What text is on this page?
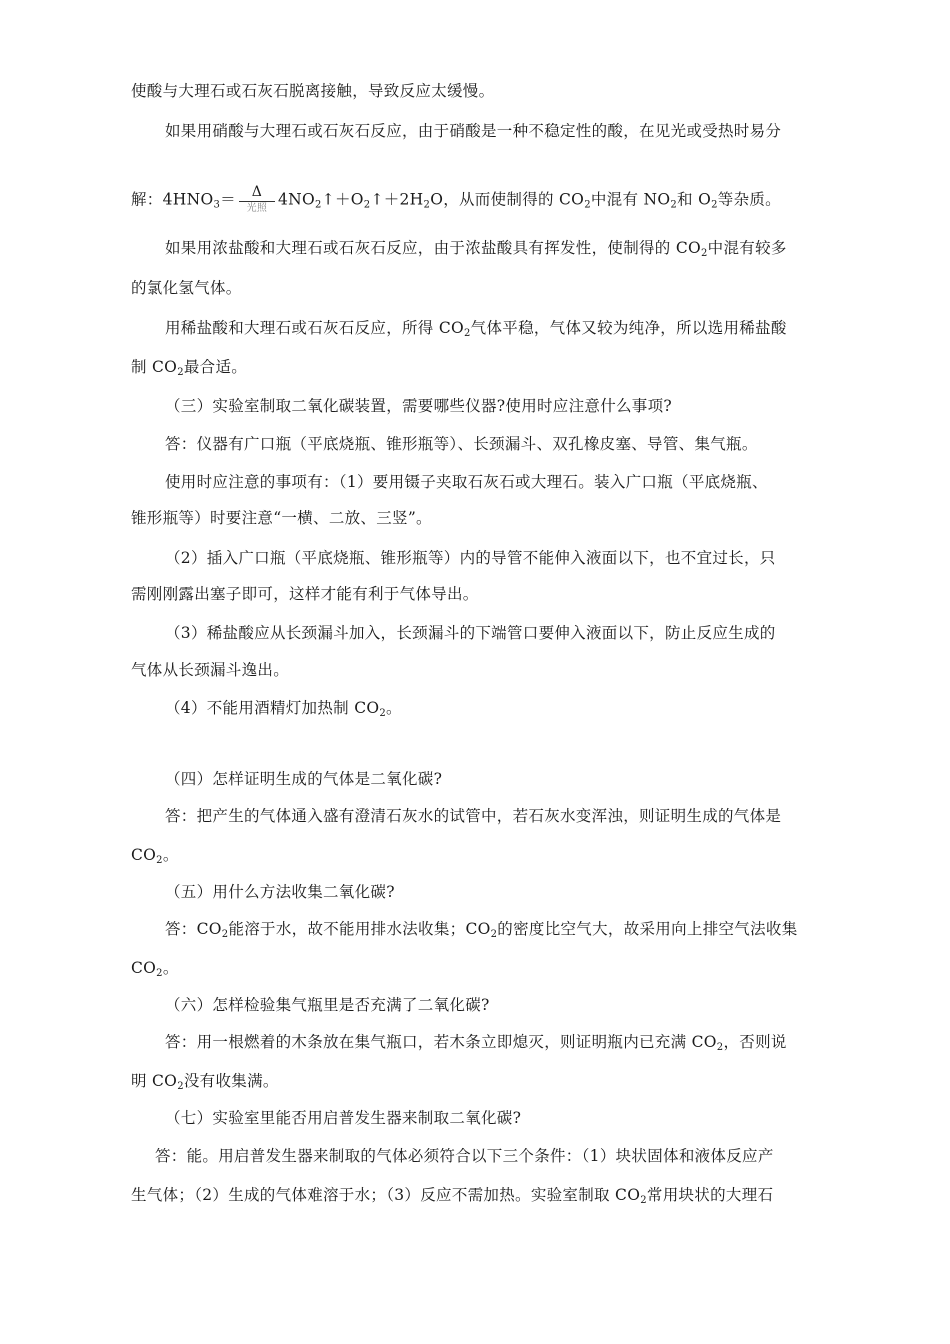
使酸与大理石或石灰石脱离接触，导致反应太缓慢。
如果用硝酸与大理石或石灰石反应，由于硝酸是一种不稳定性的酸，在见光或受热时易分
解：$4HNO_3= \frac{\Delta}{\text{光照}}$ $4NO_2↑+O_2↑+2H_2O$，从而使制得的 $CO_2$中混有 $NO_2$和 $O_2$等杂质。
如果用浓盐酸和大理石或石灰石反应，由于浓盐酸具有挥发性，使制得的 $CO_2$中混有较多
的氯化氢气体。
用稀盐酸和大理石或石灰石反应，所得 $CO_2$气体平稳，气体又较为纯净，所以选用稀盐酸
制 $CO_2$最合适。
（三）实验室制取二氧化碳装置，需要哪些仪器?使用时应注意什么事项?
答：仪器有广口瓶（平底烧瓶、锥形瓶等）、长颈漏斗、双孔橡皮塞、导管、集气瓶。
使用时应注意的事项有：（1）要用镊子夹取石灰石或大理石。装入广口瓶（平底烧瓶、
锥形瓶等）时要注意“一横、二放、三竖”。
（2）插入广口瓶（平底烧瓶、锥形瓶等）内的导管不能伸入液面以下，也不宜过长，只
需刚刚露出塞子即可，这样才能有利于气体导出。
（3）稀盐酸应从长颈漏斗加入，长颈漏斗的下端管口要伸入液面以下，防止反应生成的
气体从长颈漏斗逸出。
（4）不能用酒精灯加热制 $CO_2$。
（四）怎样证明生成的气体是二氧化碳?
答：把产生的气体通入盛有澄清石灰水的试管中，若石灰水变浑浊，则证明生成的气体是
$CO_2$。
（五）用什么方法收集二氧化碳?
答：$CO_2$能溶于水，故不能用排水法收集；$CO_2$的密度比空气大，故采用向上排空气法收集
$CO_2$。
（六）怎样检验集气瓶里是否充满了二氧化碳?
答：用一根燃着的木条放在集气瓶口，若木条立即熄灭，则证明瓶内已充满 $CO_2$，否则说
明 $CO_2$没有收集满。
（七）实验室里能否用启普发生器来制取二氧化碳?
答：能。用启普发生器来制取的气体必须符合以下三个条件：（1）块状固体和液体反应产
生气体；（2）生成的气体难溶于水；（3）反应不需加热。实验室制取 $CO_2$常用块状的大理石
